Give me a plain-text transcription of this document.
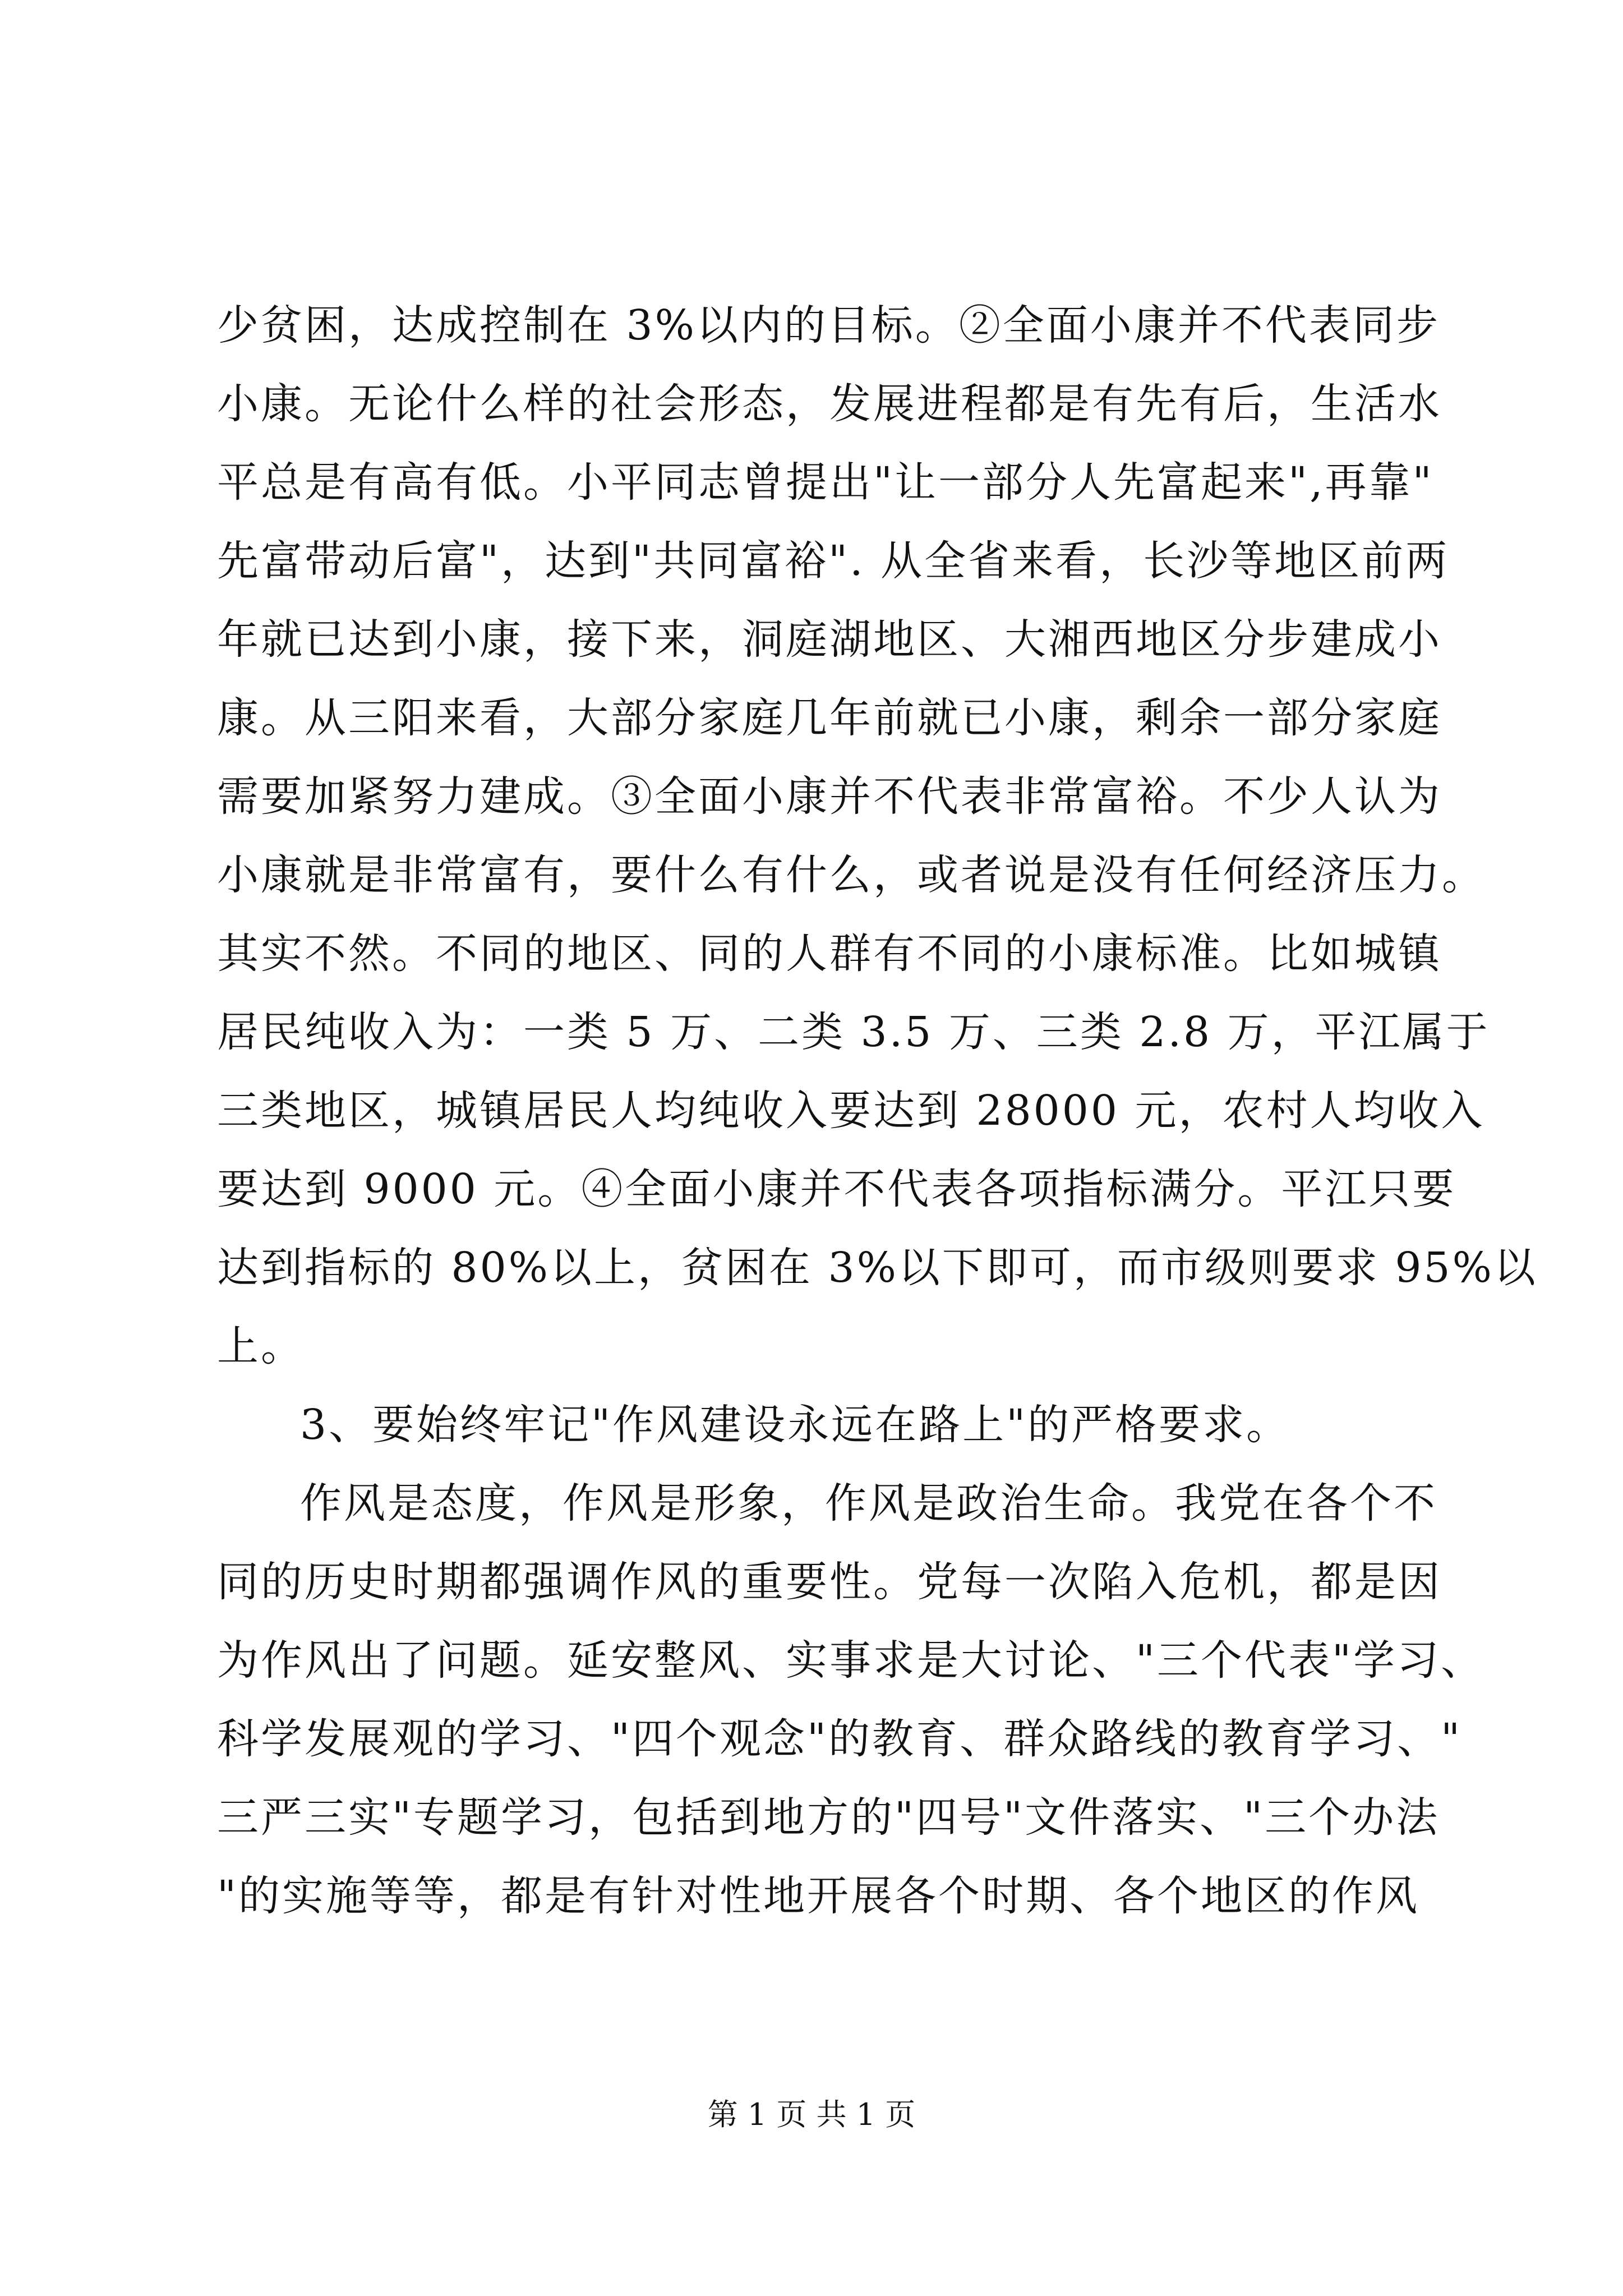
少贫困，达成控制在 3%以内的目标。②全面小康并不代表同步
小康。无论什么样的社会形态，发展进程都是有先有后，生活水
平总是有高有低。小平同志曾提出"让一部分人先富起来",再靠"
先富带动后富"，达到"共同富裕". 从全省来看，长沙等地区前两
年就已达到小康，接下来，洞庭湖地区、大湘西地区分步建成小
康。从三阳来看，大部分家庭几年前就已小康，剩余一部分家庭
需要加紧努力建成。③全面小康并不代表非常富裕。不少人认为
小康就是非常富有，要什么有什么，或者说是没有任何经济压力。
其实不然。不同的地区、同的人群有不同的小康标准。比如城镇
居民纯收入为：一类 5 万、二类 3.5 万、三类 2.8 万，平江属于
三类地区，城镇居民人均纯收入要达到 28000 元，农村人均收入
要达到 9000 元。④全面小康并不代表各项指标满分。平江只要
达到指标的 80%以上，贫困在 3%以下即可，而市级则要求 95%以
上。
3、要始终牢记"作风建设永远在路上"的严格要求。
作风是态度，作风是形象，作风是政治生命。我党在各个不
同的历史时期都强调作风的重要性。党每一次陷入危机，都是因
为作风出了问题。延安整风、实事求是大讨论、"三个代表"学习、
科学发展观的学习、"四个观念"的教育、群众路线的教育学习、"
三严三实"专题学习，包括到地方的"四号"文件落实、"三个办法
"的实施等等，都是有针对性地开展各个时期、各个地区的作风
第 1 页 共 1 页
